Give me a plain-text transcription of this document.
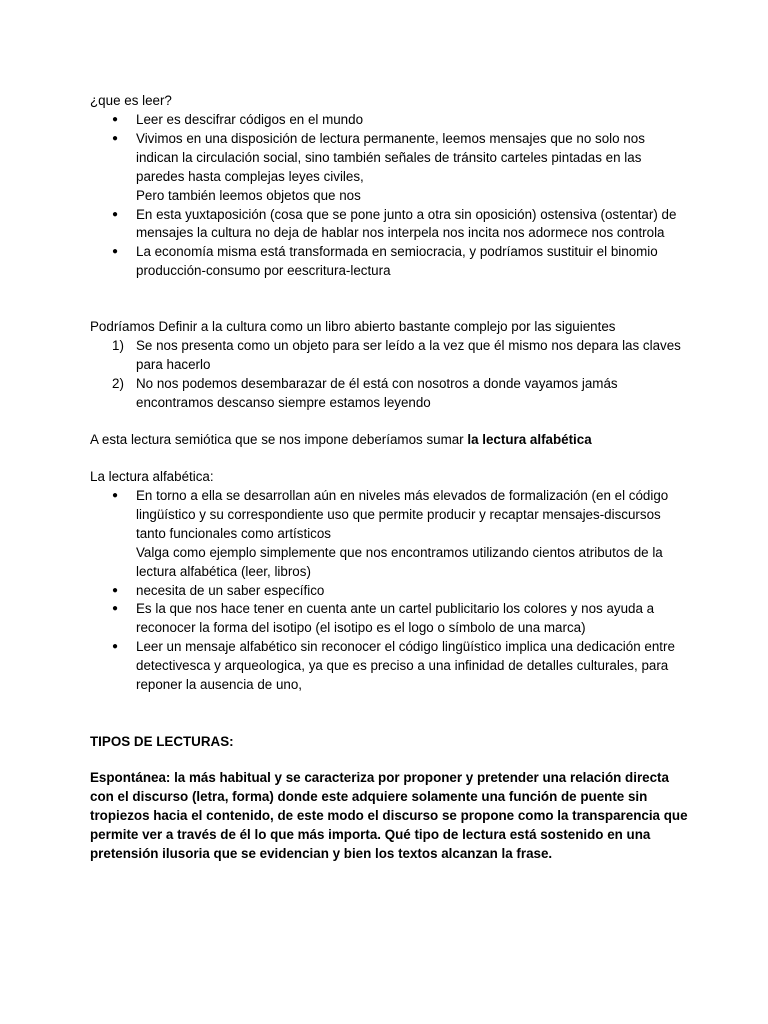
¿que es leer?

● Leer es descifrar códigos en el mundo
● Vivimos en una disposición de lectura permanente, leemos mensajes que no solo nos indican la circulación social, sino también señales de tránsito carteles pintadas en las paredes hasta complejas leyes civiles,
Pero también leemos objetos que nos
● En esta yuxtaposición (cosa que se pone junto a otra sin oposición) ostensiva (ostentar) de mensajes la cultura no deja de hablar nos interpela nos incita nos adormece nos controla
● La economía misma está transformada en semiocracia, y podríamos sustituir el binomio producción-consumo por eescritura-lectura

Podríamos Definir a la cultura como un libro abierto bastante complejo por las siguientes

1) Se nos presenta como un objeto para ser leído a la vez que él mismo nos depara las claves para hacerlo
2) No nos podemos desembarazar de él está con nosotros a donde vayamos jamás encontramos descanso siempre estamos leyendo

A esta lectura semiótica que se nos impone deberíamos sumar la lectura alfabética

La lectura alfabética:

● En torno a ella se desarrollan aún en niveles más elevados de formalización (en el código lingüístico y su correspondiente uso que permite producir y recaptar mensajes-discursos tanto funcionales como artísticos
Valga como ejemplo simplemente que nos encontramos utilizando cientos atributos de la lectura alfabética (leer, libros)
● necesita de un saber específico
● Es la que nos hace tener en cuenta ante un cartel publicitario los colores y nos ayuda a reconocer la forma del isotipo (el isotipo es el logo o símbolo de una marca)
● Leer un mensaje alfabético sin reconocer el código lingüístico implica una dedicación entre detectivesca y arqueologica, ya que es preciso a una infinidad de detalles culturales, para reponer la ausencia de uno,

TIPOS DE LECTURAS:

Espontánea: la más habitual y se caracteriza por proponer y pretender una relación directa con el discurso (letra, forma) donde este adquiere solamente una función de puente sin tropiezos hacia el contenido, de este modo el discurso se propone como la transparencia que permite ver a través de él lo que más importa. Qué tipo de lectura está sostenido en una pretensión ilusoria que se evidencian y bien los textos alcanzan la frase.
